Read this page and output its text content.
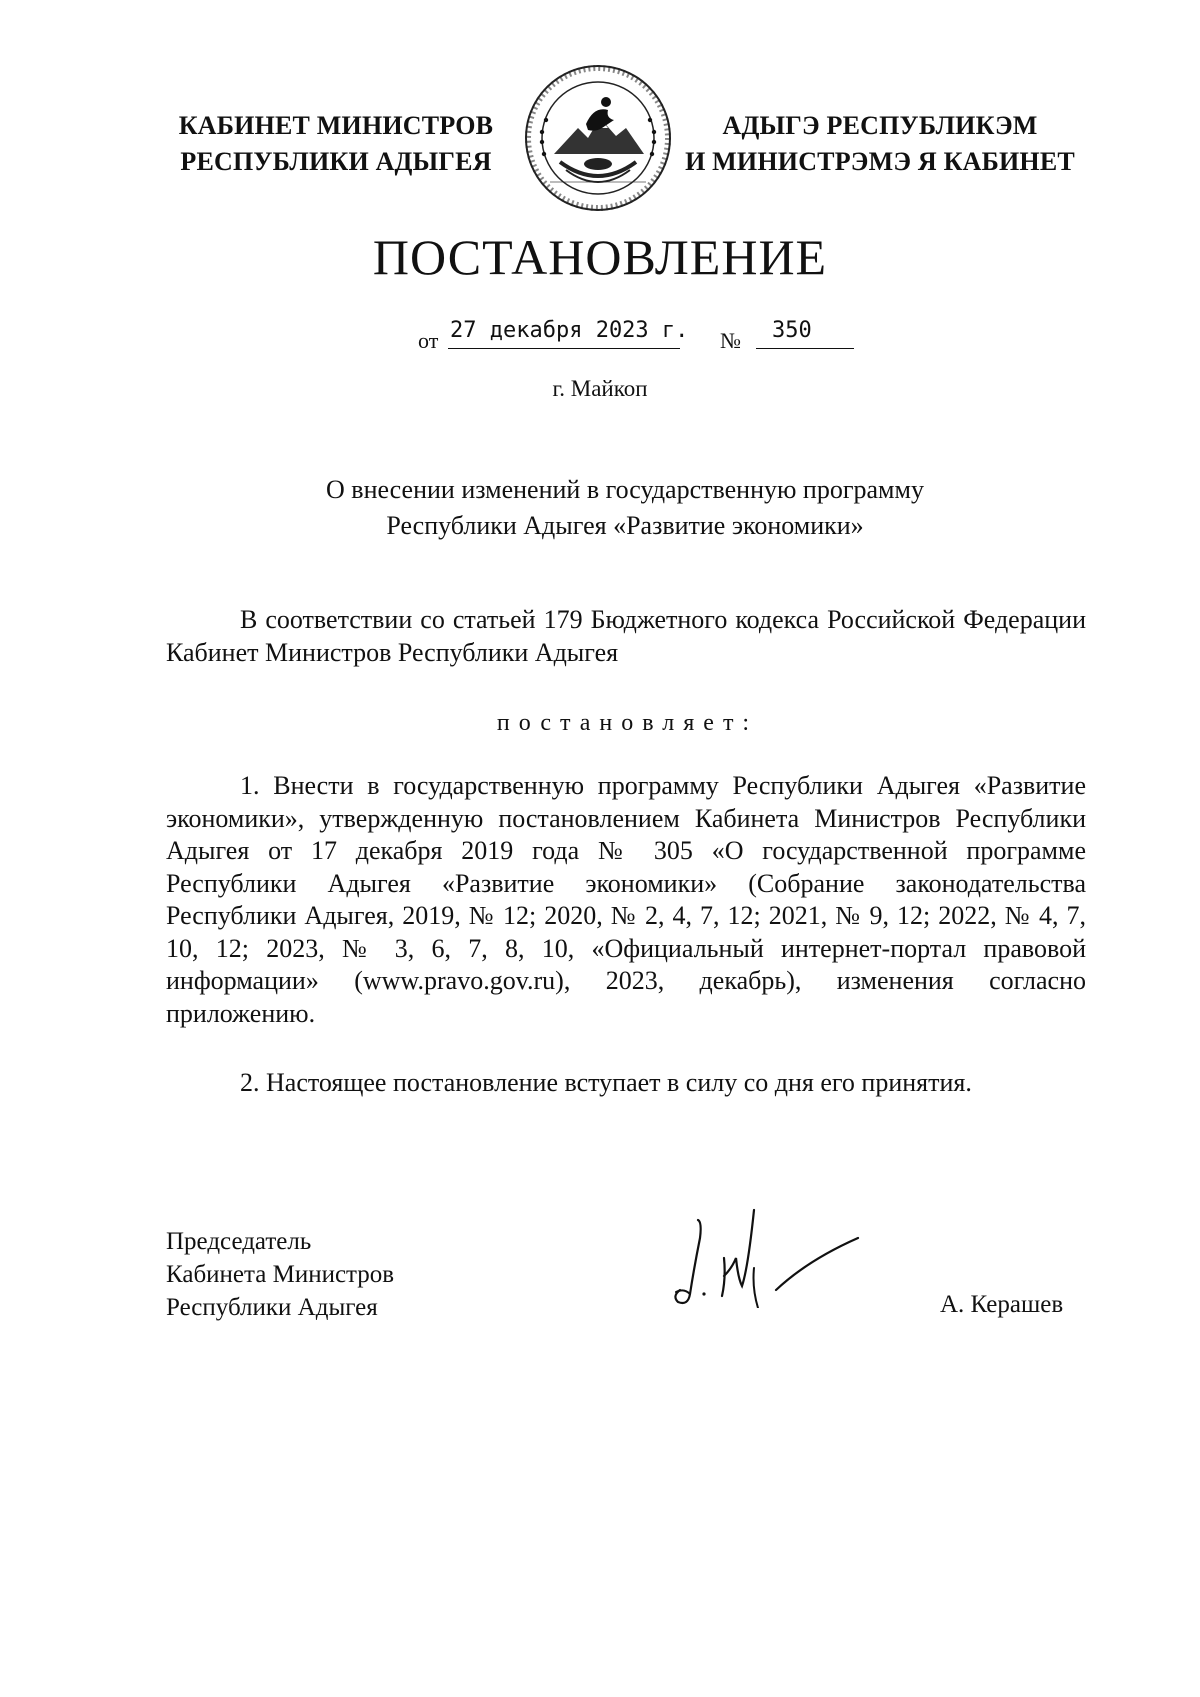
КАБИНЕТ МИНИСТРОВ
РЕСПУБЛИКИ АДЫГЕЯ
АДЫГЭ РЕСПУБЛИКЭМ
И МИНИСТРЭМЭ Я КАБИНЕТ
ПОСТАНОВЛЕНИЕ
от 27 декабря 2023 г. №	350
г. Майкоп
О внесении изменений в государственную программу
Республики Адыгея «Развитие экономики»
В соответствии со статьей 179 Бюджетного кодекса Российской Федерации Кабинет Министров Республики Адыгея
постановляет:
1. Внести в государственную программу Республики Адыгея «Развитие экономики», утвержденную постановлением Кабинета Министров Республики Адыгея от 17 декабря 2019 года № 305 «О государственной программе Республики Адыгея «Развитие экономики» (Собрание законодательства Республики Адыгея, 2019, № 12; 2020, № 2, 4, 7, 12; 2021, № 9, 12; 2022, № 4, 7, 10, 12; 2023, № 3, 6, 7, 8, 10, «Официальный интернет-портал правовой информации» (www.pravo.gov.ru), 2023, декабрь), изменения согласно приложению.
2. Настоящее постановление вступает в силу со дня его принятия.
Председатель
Кабинета Министров
Республики Адыгея	А. Керашев
